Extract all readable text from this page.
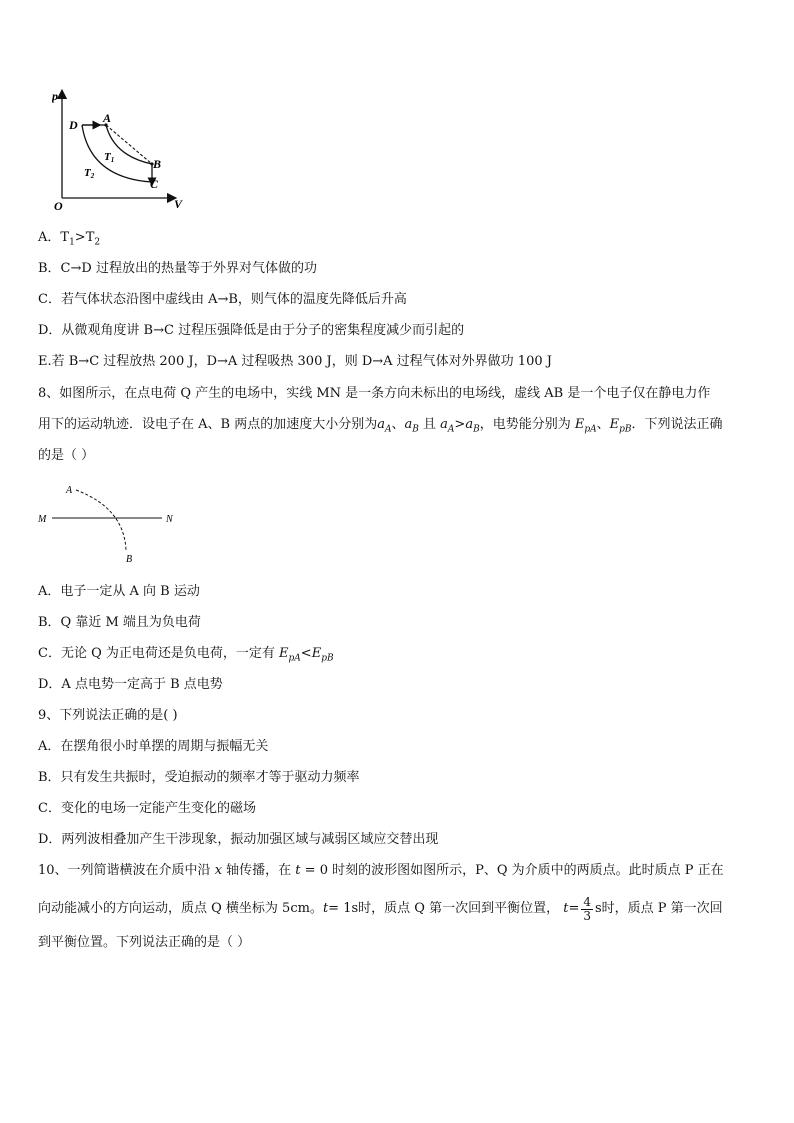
p
V
O
D A
B
C
T1
T2
A．$T_1>T_2$
B．C→D 过程放出的热量等于外界对气体做的功
C．若气体状态沿图中虚线由 A→B，则气体的温度先降低后升高
D．从微观角度讲 B→C 过程压强降低是由于分子的密集程度减少而引起的
E.若 B→C 过程放热 200 J，D→A 过程吸热 300 J，则 D→A 过程气体对外界做功 100 J
8、如图所示，在点电荷 Q 产生的电场中，实线 MN 是一条方向未标出的电场线，虚线 AB 是一个电子仅在静电力作
用下的运动轨迹．设电子在 A、B 两点的加速度大小分别为$a_A$、$a_B$ 且 $a_A>a_B$，电势能分别为 $E_{pA}$、$E_{pB}$．下列说法正确
的是（ ）
A
B
M	N
A．电子一定从 A 向 B 运动
B．Q 靠近 M 端且为负电荷
C．无论 Q 为正电荷还是负电荷，一定有 $E_{pA}<E_{pB}$
D．A 点电势一定高于 B 点电势
9、下列说法正确的是( )
A．在摆角很小时单摆的周期与振幅无关
B．只有发生共振时，受迫振动的频率才等于驱动力频率
C．变化的电场一定能产生变化的磁场
D．两列波相叠加产生干涉现象，振动加强区域与减弱区域应交替出现
10、一列简谐横波在介质中沿 x 轴传播，在 t = 0 时刻的波形图如图所示，P、Q 为介质中的两质点。此时质点 P 正在
向动能减小的方向运动，质点 Q 横坐标为 5cm。 t = 1s 时，质点 Q 第一次回到平衡位置，
$t = \frac{4}{3}$ s 时，质点 P 第一次回
到平衡位置。下列说法正确的是（ ）
